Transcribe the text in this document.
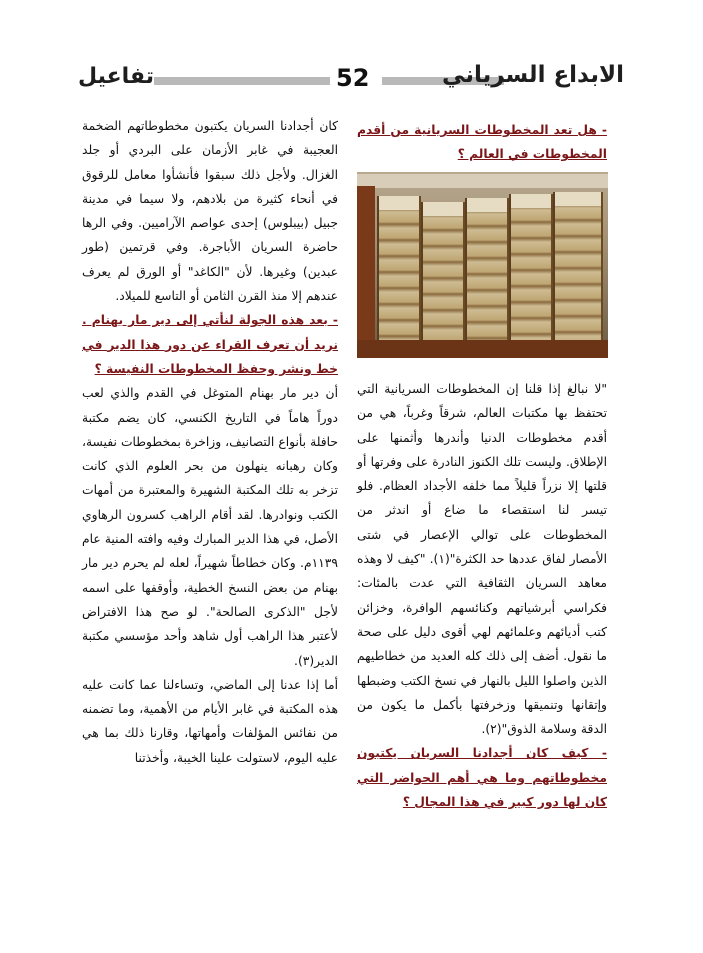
تفاعيل	52	الابداع السرياني
- هل تعد المخطوطات السريانية من أقدم المخطوطات في العالم ؟

"لا نبالغ إذا قلنا إن المخطوطات السريانية التي تحتفظ بها مكتبات العالم، شرقاً وغرباً، هي من أقدم مخطوطات الدنيا وأندرها وأثمنها على الإطلاق. وليست تلك الكنوز النادرة على وفرتها أو قلتها إلا نزراً قليلاً مما خلفه الأجداد العظام. فلو تيسر لنا استقصاء ما ضاع أو اندثر من المخطوطات على توالي الإعصار في شتى الأمصار لفاق عددها حد الكثرة"(١). "كيف لا وهذه معاهد السريان الثقافية التي عدت بالمئات: فكراسي أبرشياتهم وكنائسهم الوافرة، وخزائن كتب أديائهم وعلمائهم لهي أقوى دليل على صحة ما نقول. أضف إلى ذلك كله العديد من خطاطيهم الذين واصلوا الليل بالنهار في نسخ الكتب وضبطها وإتقانها وتنميقها وزخرفتها بأكمل ما يكون من الدقة وسلامة الذوق"(٢).

- كيف كان أجدادنا السريان يكتبون مخطوطاتهم وما هي أهم الحواضر التي كان لها دور كبير في هذا المجال ؟

كان أجدادنا السريان يكتبون مخطوطاتهم الضخمة العجيبة في غابر الأزمان على البردي أو جلد الغزال. ولأجل ذلك سبقوا فأنشأوا معامل للرقوق في أنحاء كثيرة من بلادهم، ولا سيما في مدينة جبيل (بيبلوس) إحدى عواصم الآراميين. وفي الرها حاضرة السريان الأباجرة. وفي قرتمين (طور عبدين) وغيرها. لأن "الكاغد" أو الورق لم يعرف عندهم إلا منذ القرن الثامن أو التاسع للميلاد.

- بعد هذه الجولة لنأتي إلى دير مار بهنام . نريد أن تعرف القراء عن دور هذا الدير في خط ونشر وحفظ المخطوطات النفيسة ؟

أن دير مار بهنام المتوغل في القدم والذي لعب دوراً هاماً في التاريخ الكنسي، كان يضم مكتبة حافلة بأنواع التصانيف، وزاخرة بمخطوطات نفيسة، وكان رهبانه ينهلون من بحر العلوم الذي كانت تزخر به تلك المكتبة الشهيرة والمعتبرة من أمهات الكتب ونوادرها. لقد أقام الراهب كسرون الرهاوي الأصل، في هذا الدير المبارك وفيه وافته المنية عام ١١٣٩م. وكان خطاطاً شهيراً، لعله لم يحرم دير مار بهنام من بعض النسخ الخطية، وأوقفها على اسمه لأجل "الذكرى الصالحة". لو صح هذا الافتراض لأعتبر هذا الراهب أول شاهد وأحد مؤسسي مكتبة الدير(٣).

أما إذا عدنا إلى الماضي، وتساءلنا عما كانت عليه هذه المكتبة في غابر الأيام من الأهمية، وما تضمنه من نفائس المؤلفات وأمهاتها، وقارنا ذلك بما هي عليه اليوم، لاستولت علينا الخيبة، وأخذتنا
